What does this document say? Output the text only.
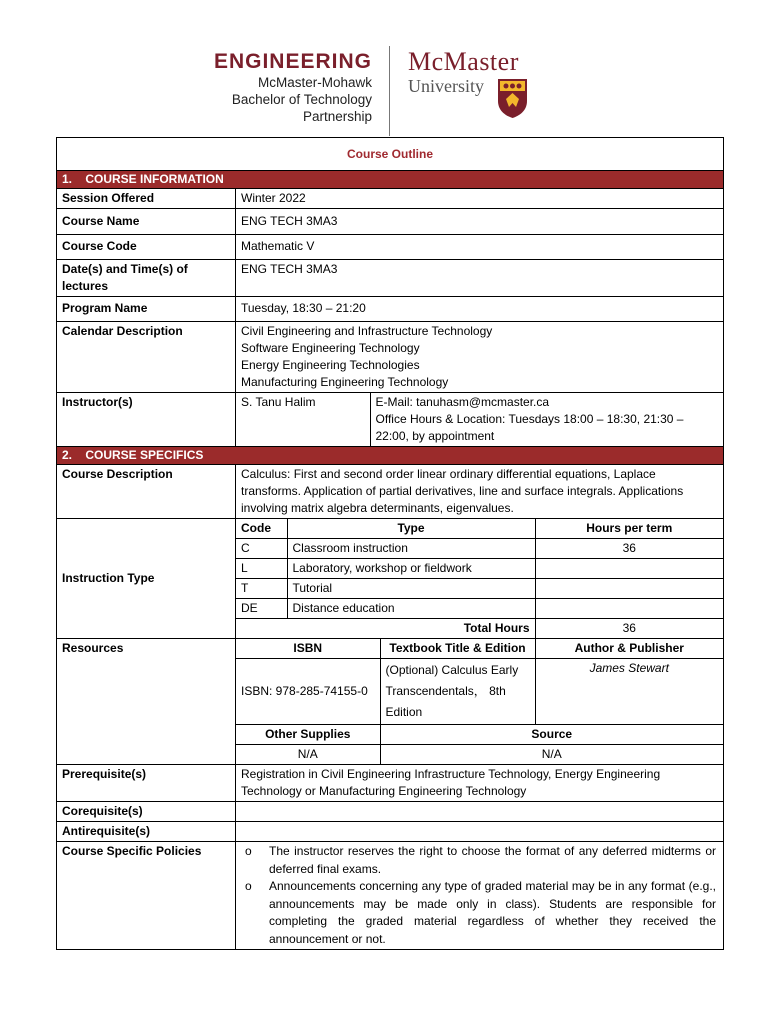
ENGINEERING
McMaster-Mohawk
Bachelor of Technology
Partnership
McMaster
University
Course Outline
1.    COURSE INFORMATION
Session Offered	Winter 2022
Course Name	ENG TECH 3MA3
Course Code	Mathematic V
Date(s) and Time(s) of lectures	ENG TECH 3MA3
Program Name	Tuesday, 18:30 – 21:20
Calendar Description	Civil Engineering and Infrastructure Technology
Software Engineering Technology
Energy Engineering Technologies
Manufacturing Engineering Technology

Instructor(s)		S. Tanu Halim	E-Mail: tanuhasm@mcmaster.ca
Office Hours & Location: Tuesdays 18:00 – 18:30, 21:30 – 22:00, by appointment

2.    COURSE SPECIFICS
Course Description	Calculus: First and second order linear ordinary differential equations, Laplace transforms. Application of partial derivatives, line and surface integrals. Applications involving matrix algebra determinants, eigenvalues.
Instruction Type	
Code	Type	Hours per term
C	Classroom instruction	36
L	Laboratory, workshop or fieldwork	
T	Tutorial	
DE	Distance education	
Total Hours	36

Resources		ISBN	Textbook Title & Edition	Author & Publisher
ISBN: 978-285-74155-0	(Optional) Calculus Early Transcendentals， 8th Edition	James Stewart
Other Supplies	Source
N/A	N/A

Prerequisite(s)	Registration in Civil Engineering Infrastructure Technology, Energy Engineering Technology or Manufacturing Engineering Technology
Corequisite(s)	
Antirequisite(s)	
Course Specific Policies	o The instructor reserves the right to choose the format of any deferred midterms or deferred final exams.
o Announcements concerning any type of graded material may be in any format (e.g., announcements may be made only in class). Students are responsible for completing the graded material regardless of whether they received the announcement or not.
